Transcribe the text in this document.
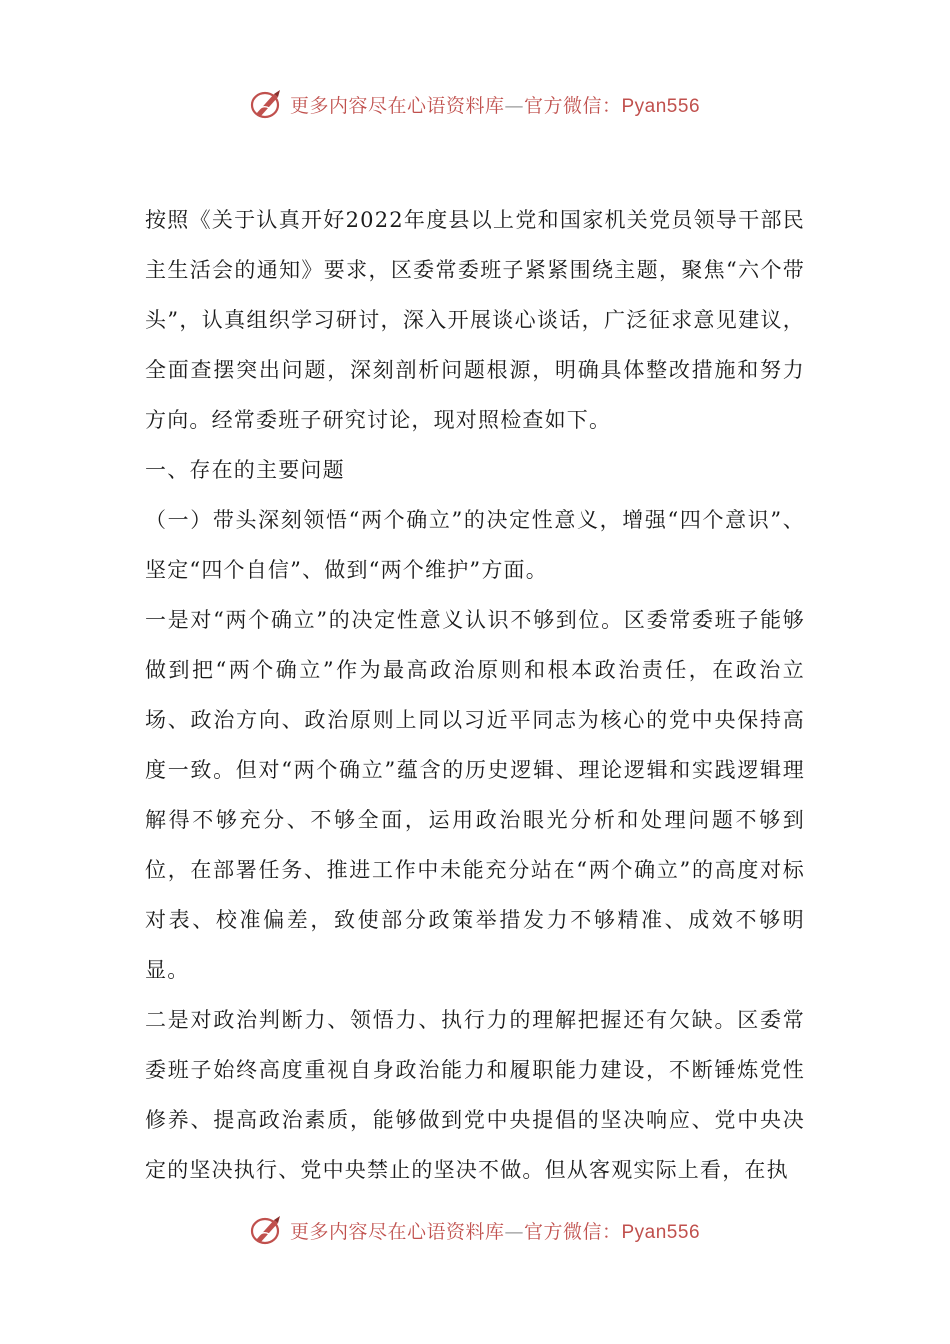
更多内容尽在心语资料库—官方微信：Pyan556

按照《关于认真开好2022年度县以上党和国家机关党员领导干部民主生活会的通知》要求，区委常委班子紧紧围绕主题，聚焦“六个带头”，认真组织学习研讨，深入开展谈心谈话，广泛征求意见建议，全面查摆突出问题，深刻剖析问题根源，明确具体整改措施和努力方向。经常委班子研究讨论，现对照检查如下。

一、存在的主要问题

（一）带头深刻领悟“两个确立”的决定性意义，增强“四个意识”、坚定“四个自信”、做到“两个维护”方面。

一是对“两个确立”的决定性意义认识不够到位。区委常委班子能够做到把“两个确立”作为最高政治原则和根本政治责任，在政治立场、政治方向、政治原则上同以习近平同志为核心的党中央保持高度一致。但对“两个确立”蕴含的历史逻辑、理论逻辑和实践逻辑理解得不够充分、不够全面，运用政治眼光分析和处理问题不够到位，在部署任务、推进工作中未能充分站在“两个确立”的高度对标对表、校准偏差，致使部分政策举措发力不够精准、成效不够明显。

二是对政治判断力、领悟力、执行力的理解把握还有欠缺。区委常委班子始终高度重视自身政治能力和履职能力建设，不断锤炼党性修养、提高政治素质，能够做到党中央提倡的坚决响应、党中央决定的坚决执行、党中央禁止的坚决不做。但从客观实际上看，在执

更多内容尽在心语资料库—官方微信：Pyan556
